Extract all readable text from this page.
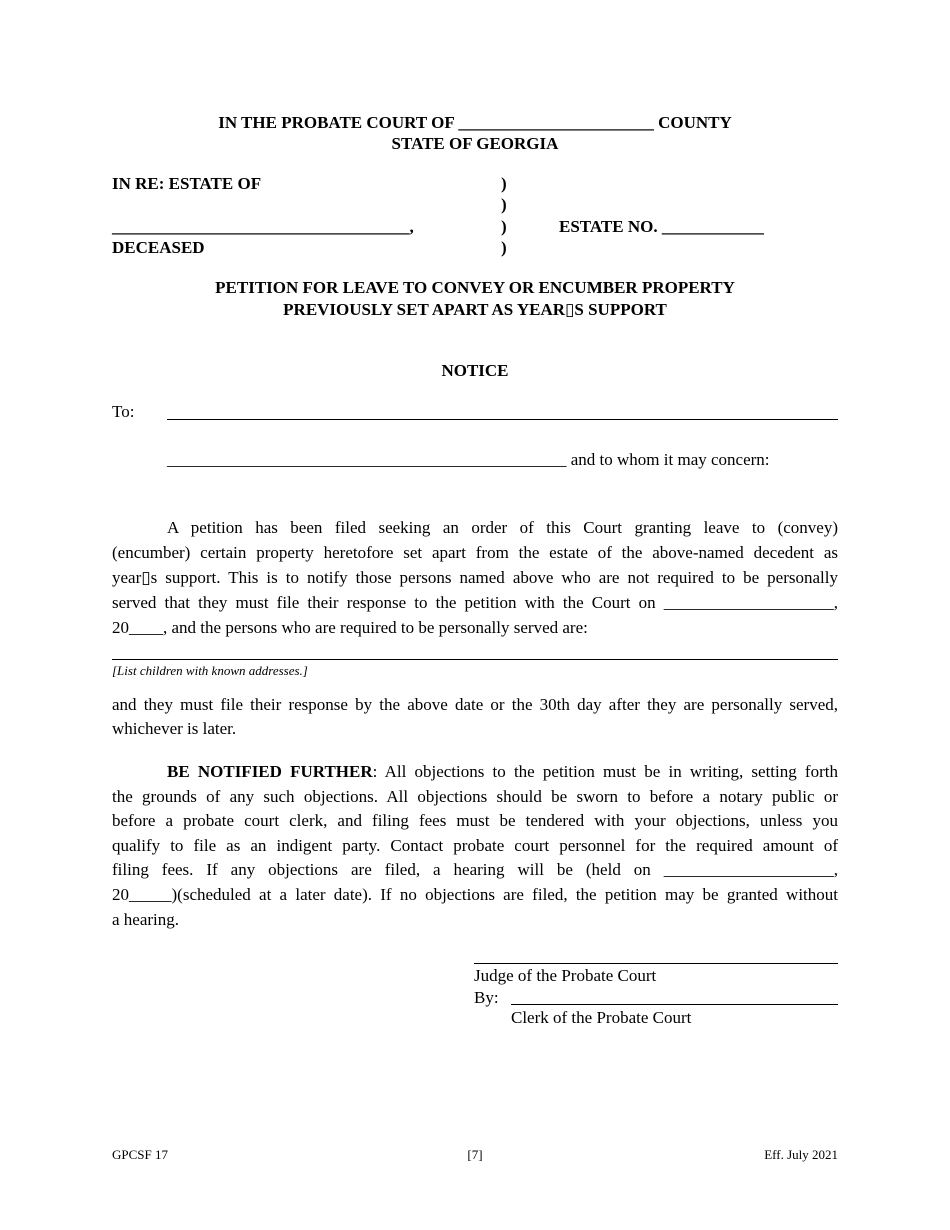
IN THE PROBATE COURT OF _______________________ COUNTY
STATE OF GEORGIA
IN RE: ESTATE OF
___________________________________,
DECEASED
)
)
)
)
ESTATE NO. ____________
PETITION FOR LEAVE TO CONVEY OR ENCUMBER PROPERTY
PREVIOUSLY SET APART AS YEAR▯S SUPPORT
NOTICE
To:
_______________________________________________ and to whom it may concern:
A petition has been filed seeking an order of this Court granting leave to (convey)
(encumber) certain property heretofore set apart from the estate of the above-named decedent as
year▯s support. This is to notify those persons named above who are not required to be personally
served that they must file their response to the petition with the Court on ____________________,
20____, and the persons who are required to be personally served are:
[List children with known addresses.]
and they must file their response by the above date or the 30th day after they are personally served,
whichever is later.
BE NOTIFIED FURTHER: All objections to the petition must be in writing, setting forth
the grounds of any such objections. All objections should be sworn to before a notary public or
before a probate court clerk, and filing fees must be tendered with your objections, unless you
qualify to file as an indigent party. Contact probate court personnel for the required amount of
filing fees. If any objections are filed, a hearing will be (held on ____________________,
20_____)(scheduled at a later date). If no objections are filed, the petition may be granted without
a hearing.
Judge of the Probate Court
By:
Clerk of the Probate Court
GPCSF 17	[7]	Eff. July 2021
